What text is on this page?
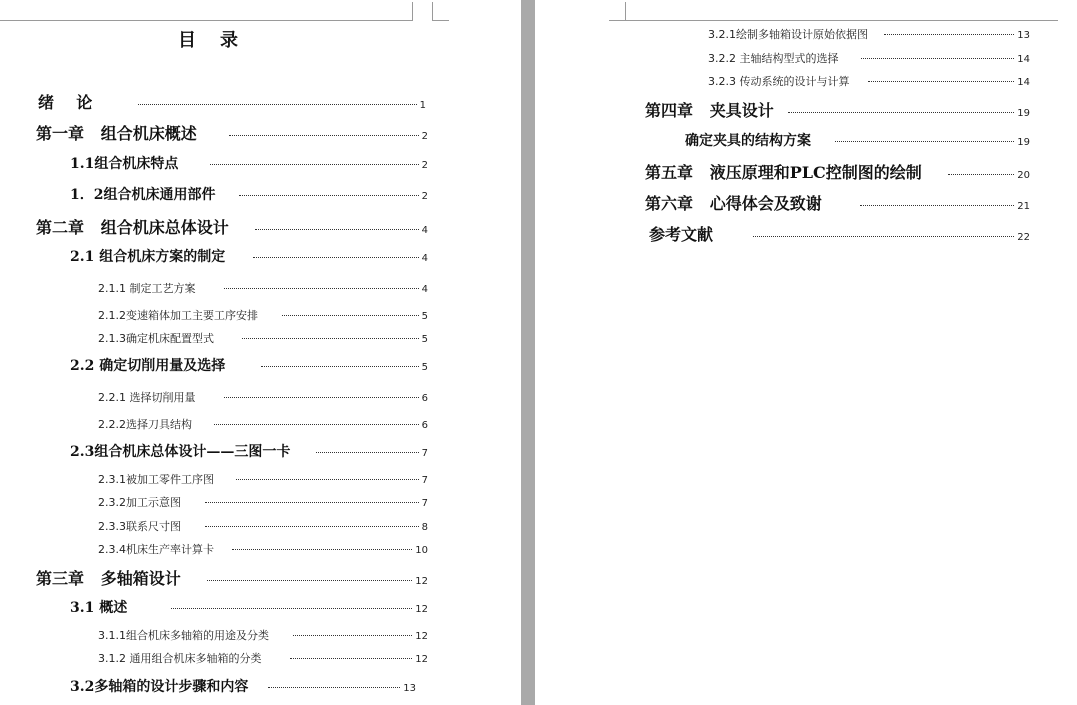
目录
绪    论	1
第一章   组合机床概述	2
1.1组合机床特点	2
1．2组合机床通用部件	2
第二章   组合机床总体设计	4
2.1 组合机床方案的制定	4
2.1.1 制定工艺方案	4
2.1.2变速箱体加工主要工序安排	5
2.1.3确定机床配置型式	5
2.2 确定切削用量及选择	5
2.2.1 选择切削用量	6
2.2.2选择刀具结构	6
2.3组合机床总体设计——三图一卡	7
2.3.1被加工零件工序图	7
2.3.2加工示意图	7
2.3.3联系尺寸图	8
2.3.4机床生产率计算卡	10
第三章   多轴箱设计	12
3.1 概述	12
3.1.1组合机床多轴箱的用途及分类	12
3.1.2 通用组合机床多轴箱的分类	12
3.2多轴箱的设计步骤和内容	13
3.2.1绘制多轴箱设计原始依据图	13
3.2.2 主轴结构型式的选择	14
3.2.3 传动系统的设计与计算	14
第四章   夹具设计	19
确定夹具的结构方案	19
第五章   液压原理和PLC控制图的绘制	20
第六章   心得体会及致谢	21
参考文献	22
